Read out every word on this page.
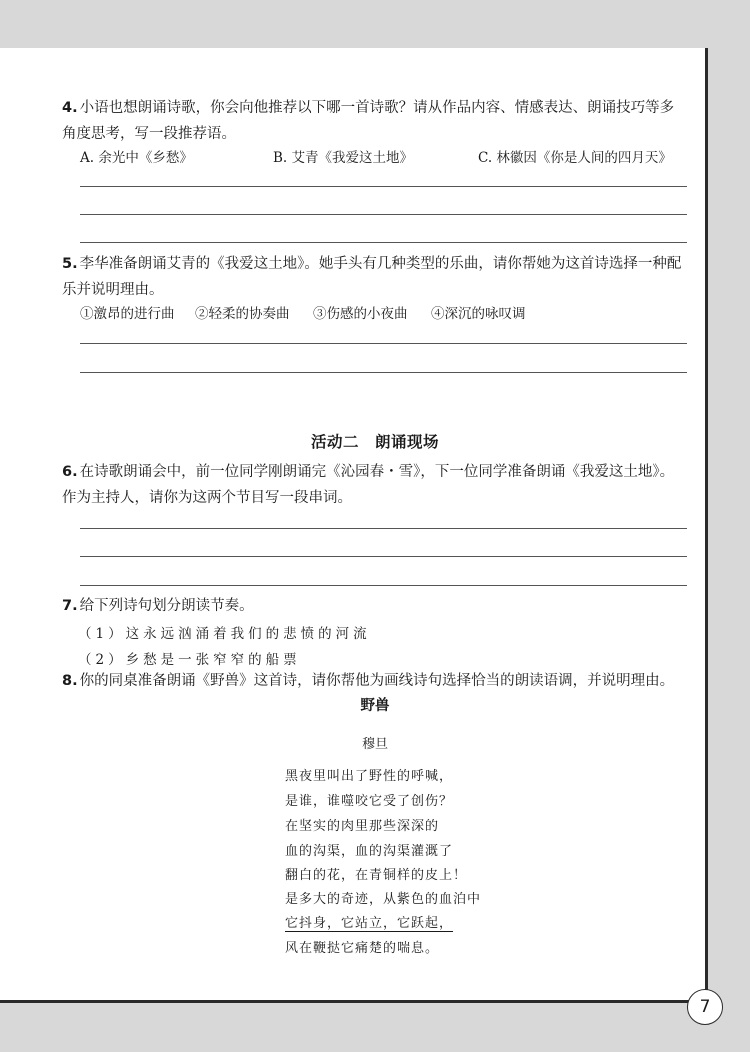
4. 小语也想朗诵诗歌，你会向他推荐以下哪一首诗歌？请从作品内容、情感表达、朗诵技巧等多
角度思考，写一段推荐语。
A. 余光中《乡愁》	B. 艾青《我爱这土地》	C. 林徽因《你是人间的四月天》
5. 李华准备朗诵艾青的《我爱这土地》。她手头有几种类型的乐曲，请你帮她为这首诗选择一种配
乐并说明理由。
①激昂的进行曲 ②轻柔的协奏曲 ③伤感的小夜曲 ④深沉的咏叹调
活动二　朗诵现场
6. 在诗歌朗诵会中，前一位同学刚朗诵完《沁园春・雪》，下一位同学准备朗诵《我爱这土地》。
作为主持人，请你为这两个节目写一段串词。
7. 给下列诗句划分朗读节奏。
（1）这永远汹涌着我们的悲愤的河流
（2）乡愁是一张窄窄的船票
8. 你的同桌准备朗诵《野兽》这首诗，请你帮他为画线诗句选择恰当的朗读语调，并说明理由。
野兽
穆旦
黑夜里叫出了野性的呼喊，
是谁，谁噬咬它受了创伤？
在坚实的肉里那些深深的
血的沟渠，血的沟渠灌溉了
翻白的花，在青铜样的皮上！
是多大的奇迹，从紫色的血泊中
它抖身，它站立，它跃起，
风在鞭挞它痛楚的喘息。
7
